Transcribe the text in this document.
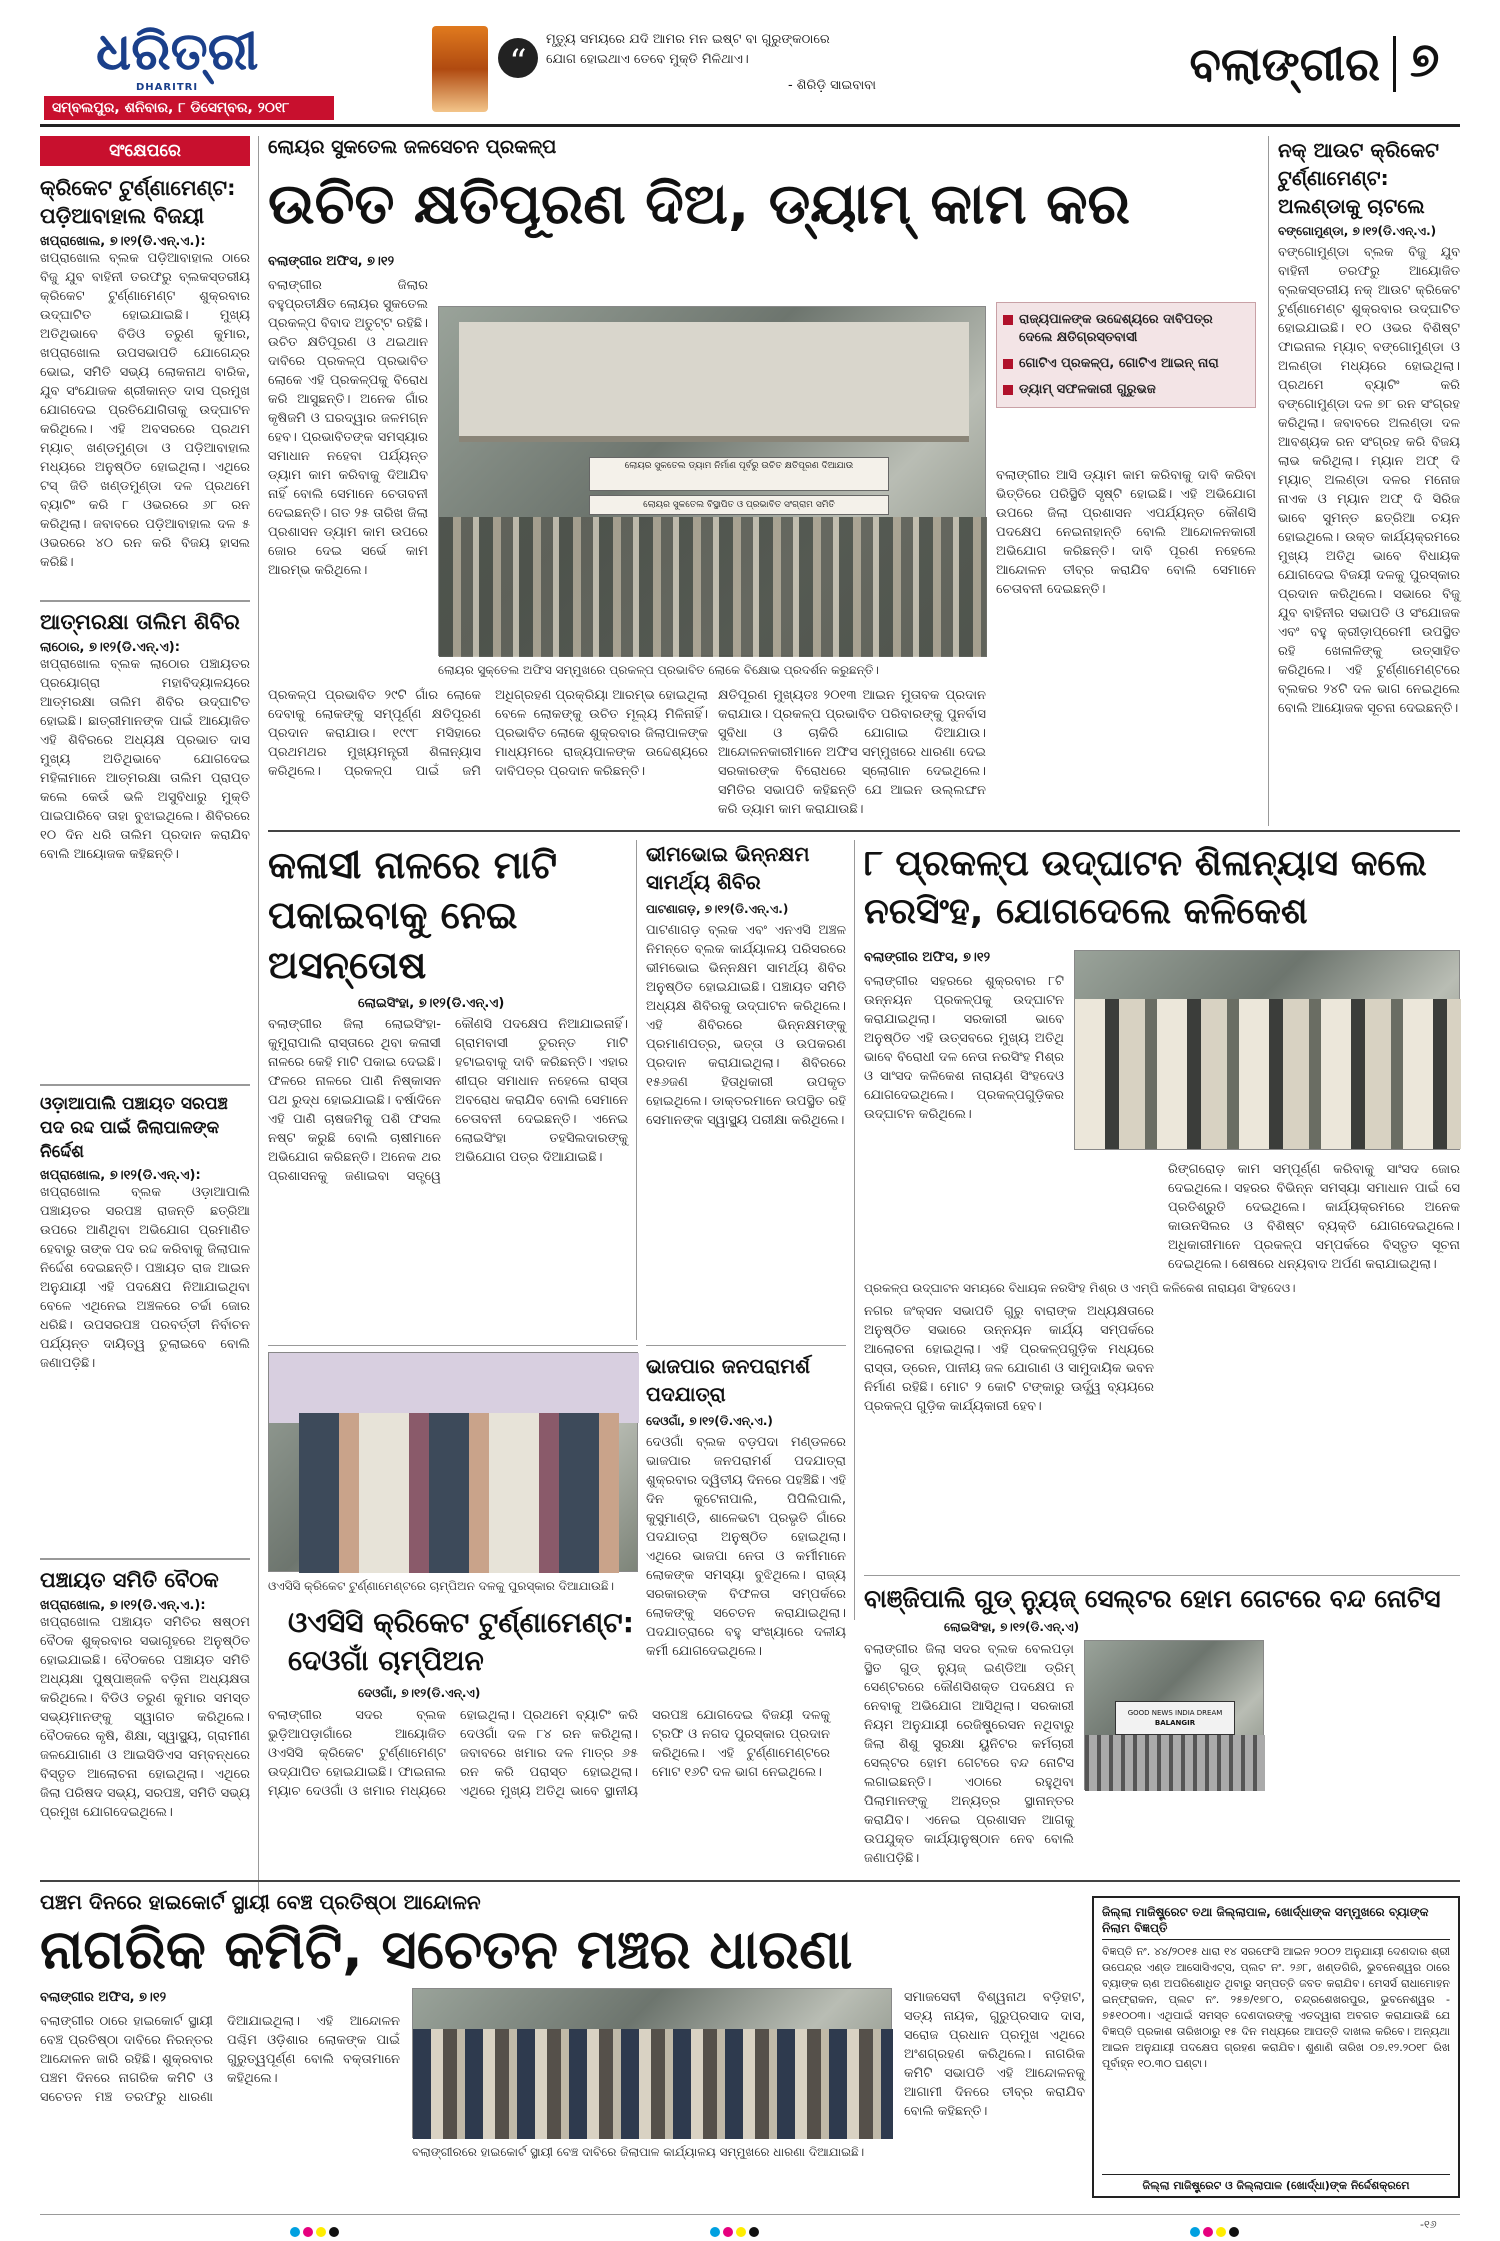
ଧରିତ୍ରୀ
DHARITRI
ସମ୍ବଲପୁର, ଶନିବାର, ୮ ଡିସେମ୍ବର, ୨୦୧୮
“
ମୃତ୍ୟୁ ସମୟରେ ଯଦି ଆମର ମନ ଇଷ୍ଟ ବା ଗୁରୁଙ୍କଠାରେ
ଯୋଗ ହୋଇଥାଏ ତେବେ ମୁକ୍ତି ମିଳିଥାଏ।
- ଶିରିଡ଼ି ସାଇବାବା	ବଲାଙ୍ଗୀର ୭
ସଂକ୍ଷେପରେ
କ୍ରିକେଟ ଟୁର୍ଣ୍ଣାମେଣ୍ଟ: ପଡ଼ିଆବାହାଲ ବିଜୟୀ
ଖପ୍ରାଖୋଲ, ୭।୧୨(ଡି.ଏନ୍.ଏ.):
ଖପ୍ରାଖୋଲ ବ୍ଲକ ପଡ଼ିଆବାହାଲ ଠାରେ ବିଜୁ ଯୁବ ବାହିନୀ ତରଫରୁ ବ୍ଲକସ୍ତରୀୟ କ୍ରିକେଟ ଟୁର୍ଣ୍ଣାମେଣ୍ଟ ଶୁକ୍ରବାର ଉଦ୍‌ଘାଟିତ ହୋଇଯାଇଛି। ମୁଖ୍ୟ ଅତିଥିଭାବେ ବିଡିଓ ତରୁଣ କୁମାର, ଖପ୍ରାଖୋଲ ଉପସଭାପତି ଯୋଗେନ୍ଦ୍ର ଭୋଇ, ସମିତି ସଭ୍ୟ ଲୋକନାଥ ବାରିକ, ଯୁବ ସଂଯୋଜକ ଶ୍ରୀକାନ୍ତ ଦାସ ପ୍ରମୁଖ ଯୋଗଦେଇ ପ୍ରତିଯୋଗିତାକୁ ଉଦ୍‌ଘାଟନ କରିଥିଲେ। ଏହି ଅବସରରେ ପ୍ରଥମ ମ୍ୟାଚ୍ ଖଣ୍ଡମୁଣ୍ଡା ଓ ପଡ଼ିଆବାହାଲ ମଧ୍ୟରେ ଅନୁଷ୍ଠିତ ହୋଇଥିଲା। ଏଥିରେ ଟସ୍ ଜିତି ଖଣ୍ଡମୁଣ୍ଡା ଦଳ ପ୍ରଥମେ ବ୍ୟାଟିଂ କରି ୮ ଓଭରରେ ୬୮ ରନ କରିଥିଲା। ଜବାବରେ ପଡ଼ିଆବାହାଲ ଦଳ ୫ ଓଭରରେ ୪୦ ରନ କରି ବିଜୟ ହାସଲ କରିଛି।
ଆତ୍ମରକ୍ଷା ତାଲିମ ଶିବିର
ଲାଠୋର, ୭।୧୨(ଡି.ଏନ୍.ଏ):
ଖପ୍ରାଖୋଲ ବ୍ଲକ ଲାଠୋର ପଞ୍ଚାୟତର ପ୍ରୟୋଗ୍ରା ମହାବିଦ୍ୟାଳୟରେ ଆତ୍ମରକ୍ଷା ତାଲିମ ଶିବିର ଉଦ୍‌ଘାଟିତ ହୋଇଛି। ଛାତ୍ରୀମାନଙ୍କ ପାଇଁ ଆୟୋଜିତ ଏହି ଶିବିରରେ ଅଧ୍ୟକ୍ଷ ପ୍ରଭାତ ଦାସ ମୁଖ୍ୟ ଅତିଥିଭାବେ ଯୋଗଦେଇ ମହିଳାମାନେ ଆତ୍ମରକ୍ଷା ତାଲିମ ପ୍ରାପ୍ତ କଲେ କେଉଁ ଭଳି ଅସୁବିଧାରୁ ମୁକ୍ତି ପାଇପାରିବେ ତାହା ବୁଝାଇଥିଲେ। ଶିବିରରେ ୧୦ ଦିନ ଧରି ତାଲିମ ପ୍ରଦାନ କରାଯିବ ବୋଲି ଆୟୋଜକ କହିଛନ୍ତି।
ଓଡ଼ାଆପାଲି ପଞ୍ଚାୟତ ସରପଞ୍ଚ ପଦ ରଦ୍ଦ ପାଇଁ ଜିଲାପାଳଙ୍କ ନିର୍ଦ୍ଦେଶ
ଖପ୍ରାଖୋଲ, ୭।୧୨(ଡି.ଏନ୍.ଏ):
ଖପ୍ରାଖୋଲ ବ୍ଲକ ଓଡ଼ାଆପାଲି ପଞ୍ଚାୟତର ସରପଞ୍ଚ ରାଜନ୍ତି ଛତ୍ରିଆ ଉପରେ ଆଣିଥିବା ଅଭିଯୋଗ ପ୍ରମାଣିତ ହେବାରୁ ତାଙ୍କ ପଦ ରଦ୍ଦ କରିବାକୁ ଜିଲାପାଳ ନିର୍ଦ୍ଦେଶ ଦେଇଛନ୍ତି। ପଞ୍ଚାୟତ ରାଜ ଆଇନ ଅନୁଯାୟୀ ଏହି ପଦକ୍ଷେପ ନିଆଯାଇଥିବା ବେଳେ ଏଥିନେଇ ଅଞ୍ଚଳରେ ଚର୍ଚ୍ଚା ଜୋର ଧରିଛି। ଉପସରପଞ୍ଚ ପରବର୍ତ୍ତୀ ନିର୍ବାଚନ ପର୍ଯ୍ୟନ୍ତ ଦାୟିତ୍ୱ ତୁଲାଇବେ ବୋଲି ଜଣାପଡ଼ିଛି।
ପଞ୍ଚାୟତ ସମିତି ବୈଠକ
ଖପ୍ରାଖୋଲ, ୭।୧୨(ଡି.ଏନ୍.ଏ.):
ଖପ୍ରାଖୋଲ ପଞ୍ଚାୟତ ସମିତିର ଷଷ୍ଠମ ବୈଠକ ଶୁକ୍ରବାର ସଭାଗୃହରେ ଅନୁଷ୍ଠିତ ହୋଇଯାଇଛି। ବୈଠକରେ ପଞ୍ଚାୟତ ସମିତି ଅଧ୍ୟକ୍ଷା ପୁଷ୍ପାଞ୍ଜଳି ବଡ଼ିନା ଅଧ୍ୟକ୍ଷତା କରିଥିଲେ। ବିଡିଓ ତରୁଣ କୁମାର ସମସ୍ତ ସଭ୍ୟମାନଙ୍କୁ ସ୍ୱାଗତ କରିଥିଲେ। ବୈଠକରେ କୃଷି, ଶିକ୍ଷା, ସ୍ୱାସ୍ଥ୍ୟ, ଗ୍ରାମୀଣ ଜଳଯୋଗାଣ ଓ ଆଇସିଡିଏସ ସମ୍ବନ୍ଧରେ ବିସ୍ତୃତ ଆଲୋଚନା ହୋଇଥିଲା। ଏଥିରେ ଜିଲା ପରିଷଦ ସଭ୍ୟ, ସରପଞ୍ଚ, ସମିତି ସଭ୍ୟ ପ୍ରମୁଖ ଯୋଗଦେଇଥିଲେ।
ଲୋୟର ସୁକତେଲ ଜଳସେଚନ ପ୍ରକଳ୍ପ
ଉଚିତ କ୍ଷତିପୂରଣ ଦିଅ, ଡ୍ୟାମ୍ କାମ କର
ବଲାଙ୍ଗୀର ଅଫିସ, ୭।୧୨
ବଲାଙ୍ଗୀର ଜିଲାର ବହୁପ୍ରତୀକ୍ଷିତ ଲୋୟର ସୁକତେଲ ପ୍ରକଳ୍ପ ବିବାଦ ଅତୁଟ୍ଟ ରହିଛି। ଉଚିତ କ୍ଷତିପୂରଣ ଓ ଥଇଥାନ ଦାବିରେ ପ୍ରକଳ୍ପ ପ୍ରଭାବିତ ଲୋକେ ଏହି ପ୍ରକଳ୍ପକୁ ବିରୋଧ କରି ଆସୁଛନ୍ତି। ଅନେକ ଗାଁର କୃଷିଜମି ଓ ଘରଦ୍ୱାର ଜଳମଗ୍ନ ହେବ। ପ୍ରଭାବିତଙ୍କ ସମସ୍ୟାର ସମାଧାନ ନହେବା ପର୍ଯ୍ୟନ୍ତ ଡ୍ୟାମ କାମ କରିବାକୁ ଦିଆଯିବ ନାହିଁ ବୋଲି ସେମାନେ ଚେତାବନୀ ଦେଇଛନ୍ତି। ଗତ ୨୫ ତାରିଖ ଜିଲା ପ୍ରଶାସନ ଡ୍ୟାମ କାମ ଉପରେ ଜୋର ଦେଇ ସର୍ଭେ କାମ ଆରମ୍ଭ କରିଥିଲେ।
ଲୋୟର ସୁକତେଲ ଡ୍ୟାମ ନିର୍ମାଣ ପୂର୍ବରୁ ଉଚିତ କ୍ଷତିପୂରଣ ଦିଆଯାଉ
ଲୋୟର ସୁକତେଲ ବିସ୍ଥାପିତ ଓ ପ୍ରଭାବିତ ସଂଗ୍ରାମ ସମିତି
ଲୋୟର ସୁକ୍‌ତେଲ ଅଫିସ ସମ୍ମୁଖରେ ପ୍ରକଳ୍ପ ପ୍ରଭାବିତ ଲୋକେ ବିକ୍ଷୋଭ ପ୍ରଦର୍ଶନ କରୁଛନ୍ତି।
ରାଜ୍ୟପାଳଙ୍କ ଉଦ୍ଦେଶ୍ୟରେ ଦାବିପତ୍ର ଦେଲେ କ୍ଷତିଗ୍ରସ୍ତବାସୀ
ଗୋଟିଏ ପ୍ରକଳ୍ପ, ଗୋଟିଏ ଆଇନ୍ ନାରା
ଡ୍ୟାମ୍ ସଫଳକାରୀ ଗୁରୁଭଜ
ବଲାଙ୍ଗୀର ଆସି ଡ୍ୟାମ କାମ କରିବାକୁ ଦାବି କରିବା ଭିତ୍ତିରେ ପରିସ୍ଥିତି ସୃଷ୍ଟି ହୋଇଛି। ଏହି ଅଭିଯୋଗ ଉପରେ ଜିଲା ପ୍ରଶାସନ ଏପର୍ଯ୍ୟନ୍ତ କୌଣସି ପଦକ୍ଷେପ ନେଇନାହାନ୍ତି ବୋଲି ଆନ୍ଦୋଳନକାରୀ ଅଭିଯୋଗ କରିଛନ୍ତି। ଦାବି ପୂରଣ ନହେଲେ ଆନ୍ଦୋଳନ ତୀବ୍ର କରାଯିବ ବୋଲି ସେମାନେ ଚେତାବନୀ ଦେଇଛନ୍ତି।
ପ୍ରକଳ୍ପ ପ୍ରଭାବିତ ୨୯ଟି ଗାଁର ଲୋକେ ଦେବାକୁ ଲୋକଙ୍କୁ ସମ୍ପୂର୍ଣ୍ଣ କ୍ଷତିପୂରଣ ପ୍ରଦାନ କରାଯାଉ। ୧୯୯୮ ମସିହାରେ ପ୍ରଥମଥର ମୁଖ୍ୟମନ୍ତ୍ରୀ ଶିଳାନ୍ୟାସ କରିଥିଲେ। ପ୍ରକଳ୍ପ ପାଇଁ ଜମି ଅଧିଗ୍ରହଣ ପ୍ରକ୍ରିୟା ଆରମ୍ଭ ହୋଇଥିଲା ବେଳେ ଲୋକଙ୍କୁ ଉଚିତ ମୂଲ୍ୟ ମିଳିନାହିଁ। ପ୍ରଭାବିତ ଲୋକେ ଶୁକ୍ରବାର ଜିଲାପାଳଙ୍କ ମାଧ୍ୟମରେ ରାଜ୍ୟପାଳଙ୍କ ଉଦ୍ଦେଶ୍ୟରେ ଦାବିପତ୍ର ପ୍ରଦାନ କରିଛନ୍ତି।
କ୍ଷତିପୂରଣ ମୁଖ୍ୟତଃ ୨୦୧୩ ଆଇନ ମୁତାବକ ପ୍ରଦାନ କରାଯାଉ। ପ୍ରକଳ୍ପ ପ୍ରଭାବିତ ପରିବାରଙ୍କୁ ପୁନର୍ବାସ ସୁବିଧା ଓ ଚାକିରି ଯୋଗାଇ ଦିଆଯାଉ। ଆନ୍ଦୋଳନକାରୀମାନେ ଅଫିସ ସମ୍ମୁଖରେ ଧାରଣା ଦେଇ ସରକାରଙ୍କ ବିରୋଧରେ ସ୍ଲୋଗାନ ଦେଇଥିଲେ। ସମିତିର ସଭାପତି କହିଛନ୍ତି ଯେ ଆଇନ ଉଲ୍ଲଙ୍ଘନ କରି ଡ୍ୟାମ କାମ କରାଯାଉଛି।
ନକ୍ ଆଉଟ କ୍ରିକେଟ ଟୁର୍ଣ୍ଣାମେଣ୍ଟ: ଅଲଣ୍ଡାକୁ ଚାଟଲେ
ବଙ୍ଗୋମୁଣ୍ଡା, ୭।୧୨(ଡି.ଏନ୍.ଏ.)
ବଙ୍ଗୋମୁଣ୍ଡା ବ୍ଲକ ବିଜୁ ଯୁବ ବାହିନୀ ତରଫରୁ ଆୟୋଜିତ ବ୍ଲକସ୍ତରୀୟ ନକ୍ ଆଉଟ କ୍ରିକେଟ ଟୁର୍ଣ୍ଣାମେଣ୍ଟ ଶୁକ୍ରବାର ଉଦ୍‌ଘାଟିତ ହୋଇଯାଇଛି। ୧୦ ଓଭର ବିଶିଷ୍ଟ ଫାଇନାଲ ମ୍ୟାଚ୍ ବଙ୍ଗୋମୁଣ୍ଡା ଓ ଅଲଣ୍ଡା ମଧ୍ୟରେ ହୋଇଥିଲା। ପ୍ରଥମେ ବ୍ୟାଟିଂ କରି ବଙ୍ଗୋମୁଣ୍ଡା ଦଳ ୭୮ ରନ ସଂଗ୍ରହ କରିଥିଲା। ଜବାବରେ ଅଲଣ୍ଡା ଦଳ ଆବଶ୍ୟକ ରନ ସଂଗ୍ରହ କରି ବିଜୟ ଲାଭ କରିଥିଲା। ମ୍ୟାନ ଅଫ୍ ଦି ମ୍ୟାଚ୍ ଅଲଣ୍ଡା ଦଳର ମନୋଜ ନାଏକ ଓ ମ୍ୟାନ ଅଫ୍ ଦି ସିରିଜ ଭାବେ ସୁମନ୍ତ ଛତ୍ରିଆ ଚୟନ ହୋଇଥିଲେ। ଉକ୍ତ କାର୍ଯ୍ୟକ୍ରମରେ ମୁଖ୍ୟ ଅତିଥି ଭାବେ ବିଧାୟକ ଯୋଗଦେଇ ବିଜୟୀ ଦଳକୁ ପୁରସ୍କାର ପ୍ରଦାନ କରିଥିଲେ। ସଭାରେ ବିଜୁ ଯୁବ ବାହିନୀର ସଭାପତି ଓ ସଂଯୋଜକ ଏବଂ ବହୁ କ୍ରୀଡ଼ାପ୍ରେମୀ ଉପସ୍ଥିତ ରହି ଖେଳାଳିଙ୍କୁ ଉତ୍ସାହିତ କରିଥିଲେ। ଏହି ଟୁର୍ଣ୍ଣାମେଣ୍ଟରେ ବ୍ଲକର ୨୪ଟି ଦଳ ଭାଗ ନେଇଥିଲେ ବୋଲି ଆୟୋଜକ ସୂଚନା ଦେଇଛନ୍ତି।
କଳାସୀ ନାଳରେ ମାଟି ପକାଇବାକୁ ନେଇ ଅସନ୍ତୋଷ
ଲୋଇସିଂହା, ୭।୧୨(ଡି.ଏନ୍.ଏ)
ବଲାଙ୍ଗୀର ଜିଲା ଲୋଇସିଂହା-କୁମୁରାପାଲି ରାସ୍ତାରେ ଥିବା କଳାସୀ ନାଳରେ କେହି ମାଟି ପକାଇ ଦେଇଛି। ଫଳରେ ନାଳରେ ପାଣି ନିଷ୍କାସନ ପଥ ରୁଦ୍ଧ ହୋଇଯାଇଛି। ବର୍ଷାଦିନେ ଏହି ପାଣି ଚାଷଜମିକୁ ପଶି ଫସଲ ନଷ୍ଟ କରୁଛି ବୋଲି ଚାଷୀମାନେ ଅଭିଯୋଗ କରିଛନ୍ତି। ଅନେକ ଥର ପ୍ରଶାସନକୁ ଜଣାଇବା ସତ୍ତ୍ୱେ କୌଣସି ପଦକ୍ଷେପ ନିଆଯାଇନାହିଁ। ଗ୍ରାମବାସୀ ତୁରନ୍ତ ମାଟି ହଟାଇବାକୁ ଦାବି କରିଛନ୍ତି। ଏହାର ଶୀଘ୍ର ସମାଧାନ ନହେଲେ ରାସ୍ତା ଅବରୋଧ କରାଯିବ ବୋଲି ସେମାନେ ଚେତାବନୀ ଦେଇଛନ୍ତି। ଏନେଇ ଲୋଇସିଂହା ତହସିଲଦାରଙ୍କୁ ଅଭିଯୋଗ ପତ୍ର ଦିଆଯାଇଛି।
ଭୀମଭୋଇ ଭିନ୍ନକ୍ଷମ ସାମର୍ଥ୍ୟ ଶିବିର
ପାଟଣାଗଡ଼, ୭।୧୨(ଡି.ଏନ୍.ଏ.)
ପାଟଣାଗଡ଼ ବ୍ଲକ ଏବଂ ଏନଏସି ଅଞ୍ଚଳ ନିମନ୍ତେ ବ୍ଲକ କାର୍ଯ୍ୟାଳୟ ପରିସରରେ ଭୀମଭୋଇ ଭିନ୍ନକ୍ଷମ ସାମର୍ଥ୍ୟ ଶିବିର ଅନୁଷ୍ଠିତ ହୋଇଯାଇଛି। ପଞ୍ଚାୟତ ସମିତି ଅଧ୍ୟକ୍ଷ ଶିବିରକୁ ଉଦ୍‌ଘାଟନ କରିଥିଲେ। ଏହି ଶିବିରରେ ଭିନ୍ନକ୍ଷମଙ୍କୁ ପ୍ରମାଣପତ୍ର, ଭତ୍ତା ଓ ଉପକରଣ ପ୍ରଦାନ କରାଯାଇଥିଲା। ଶିବିରରେ ୧୫୬ଜଣ ହିତାଧିକାରୀ ଉପକୃତ ହୋଇଥିଲେ। ଡାକ୍ତରମାନେ ଉପସ୍ଥିତ ରହି ସେମାନଙ୍କ ସ୍ୱାସ୍ଥ୍ୟ ପରୀକ୍ଷା କରିଥିଲେ।
ଭାଜପାର ଜନପରାମର୍ଶ ପଦଯାତ୍ରା
ଦେଓଗାଁ, ୭।୧୨(ଡି.ଏନ୍.ଏ.)
ଦେଓଗାଁ ବ୍ଲକ ବଡ଼ପଦା ମଣ୍ଡଳରେ ଭାଜପାର ଜନପରାମର୍ଶ ପଦଯାତ୍ରା ଶୁକ୍ରବାର ଦ୍ୱିତୀୟ ଦିନରେ ପହଞ୍ଚିଛି। ଏହି ଦିନ କୁଟେନାପାଲି, ପିପିଲିପାଲି, କୁସୁମାଣ୍ଡି, ଶାଳେଭଟା ପ୍ରଭୃତି ଗାଁରେ ପଦଯାତ୍ରା ଅନୁଷ୍ଠିତ ହୋଇଥିଲା। ଏଥିରେ ଭାଜପା ନେତା ଓ କର୍ମୀମାନେ ଲୋକଙ୍କ ସମସ୍ୟା ବୁଝିଥିଲେ। ରାଜ୍ୟ ସରକାରଙ୍କ ବିଫଳତା ସମ୍ପର୍କରେ ଲୋକଙ୍କୁ ସଚେତନ କରାଯାଇଥିଲା। ପଦଯାତ୍ରାରେ ବହୁ ସଂଖ୍ୟାରେ ଦଳୀୟ କର୍ମୀ ଯୋଗଦେଇଥିଲେ।
୮ ପ୍ରକଳ୍ପ ଉଦ୍‌ଘାଟନ ଶିଳାନ୍ୟାସ କଲେ ନରସିଂହ, ଯୋଗଦେଲେ କଳିକେଶ
ବଲାଙ୍ଗୀର ଅଫିସ, ୭।୧୨
ବଲାଙ୍ଗୀର ସହରରେ ଶୁକ୍ରବାର ୮ଟି ଉନ୍ନୟନ ପ୍ରକଳ୍ପକୁ ଉଦ୍‌ଘାଟନ କରାଯାଇଥିଲା। ସରକାରୀ ଭାବେ ଅନୁଷ୍ଠିତ ଏହି ଉତ୍ସବରେ ମୁଖ୍ୟ ଅତିଥି ଭାବେ ବିରୋଧୀ ଦଳ ନେତା ନରସିଂହ ମିଶ୍ର ଓ ସାଂସଦ କଳିକେଶ ନାରାୟଣ ସିଂହଦେଓ ଯୋଗଦେଇଥିଲେ। ପ୍ରକଳ୍ପଗୁଡ଼ିକର ଉଦ୍‌ଘାଟନ କରିଥିଲେ।
ପ୍ରକଳ୍ପ ଉଦ୍‌ଘାଟନ ସମୟରେ ବିଧାୟକ ନରସିଂହ ମିଶ୍ର ଓ ଏମ୍‌ପି କଳିକେଶ ନାରାୟଣ ସିଂହଦେଓ।
ନଗର ଜଂକ୍ସନ ସଭାପତି ଗୁରୁ ବାରାଙ୍କ ଅଧ୍ୟକ୍ଷତାରେ ଅନୁଷ୍ଠିତ ସଭାରେ ଉନ୍ନୟନ କାର୍ଯ୍ୟ ସମ୍ପର୍କରେ ଆଲୋଚନା ହୋଇଥିଲା। ଏହି ପ୍ରକଳ୍ପଗୁଡ଼ିକ ମଧ୍ୟରେ ରାସ୍ତା, ଡ୍ରେନ, ପାନୀୟ ଜଳ ଯୋଗାଣ ଓ ସାମୁଦାୟିକ ଭବନ ନିର୍ମାଣ ରହିଛି। ମୋଟ ୨ କୋଟି ଟଙ୍କାରୁ ଊର୍ଦ୍ଧ୍ୱ ବ୍ୟୟରେ ପ୍ରକଳ୍ପ ଗୁଡ଼ିକ କାର୍ଯ୍ୟକାରୀ ହେବ।
ରିଙ୍ଗରୋଡ଼ କାମ ସମ୍ପୂର୍ଣ୍ଣ କରିବାକୁ ସାଂସଦ ଜୋର ଦେଇଥିଲେ। ସହରର ବିଭିନ୍ନ ସମସ୍ୟା ସମାଧାନ ପାଇଁ ସେ ପ୍ରତିଶ୍ରୁତି ଦେଇଥିଲେ। କାର୍ଯ୍ୟକ୍ରମରେ ଅନେକ କାଉନସିଲର ଓ ବିଶିଷ୍ଟ ବ୍ୟକ୍ତି ଯୋଗଦେଇଥିଲେ। ଅଧିକାରୀମାନେ ପ୍ରକଳ୍ପ ସମ୍ପର୍କରେ ବିସ୍ତୃତ ସୂଚନା ଦେଇଥିଲେ। ଶେଷରେ ଧନ୍ୟବାଦ ଅର୍ପଣ କରାଯାଇଥିଲା।
ଓଏସିସି କ୍ରିକେଟ ଟୁର୍ଣ୍ଣାମେଣ୍ଟରେ ଚାମ୍ପିଅନ ଦଳକୁ ପୁରସ୍କାର ଦିଆଯାଉଛି।
ଓଏସିସି କ୍ରିକେଟ ଟୁର୍ଣ୍ଣାମେଣ୍ଟ: ଦେଓଗାଁ ଚାମ୍ପିଅନ
ଦେଓଗାଁ, ୭।୧୨(ଡି.ଏନ୍.ଏ)
ବଲାଙ୍ଗୀର ସଦର ବ୍ଲକ ଭୁଡ଼ିଆପଡ଼ାଗାଁରେ ଆୟୋଜିତ ଓଏସିସି କ୍ରିକେଟ ଟୁର୍ଣ୍ଣାମେଣ୍ଟ ଉଦ୍‌ଯାପିତ ହୋଇଯାଇଛି। ଫାଇନାଲ ମ୍ୟାଚ ଦେଓଗାଁ ଓ ଖମାର ମଧ୍ୟରେ ହୋଇଥିଲା। ପ୍ରଥମେ ବ୍ୟାଟିଂ କରି ଦେଓଗାଁ ଦଳ ୮୪ ରନ କରିଥିଲା। ଜବାବରେ ଖମାର ଦଳ ମାତ୍ର ୬୫ ରନ କରି ପରାସ୍ତ ହୋଇଥିଲା। ଏଥିରେ ମୁଖ୍ୟ ଅତିଥି ଭାବେ ସ୍ଥାନୀୟ ସରପଞ୍ଚ ଯୋଗଦେଇ ବିଜୟୀ ଦଳକୁ ଟ୍ରଫି ଓ ନଗଦ ପୁରସ୍କାର ପ୍ରଦାନ କରିଥିଲେ। ଏହି ଟୁର୍ଣ୍ଣାମେଣ୍ଟରେ ମୋଟ ୧୬ଟି ଦଳ ଭାଗ ନେଇଥିଲେ।
ବାଞ୍ଜିପାଲି ଗୁଡ୍ ନ୍ୟୁଜ୍ ସେଲ୍ଟର ହୋମ ଗେଟରେ ବନ୍ଦ ନୋଟିସ
ଲୋଇସିଂହା, ୭।୧୨(ଡି.ଏନ୍.ଏ)
ବଲାଙ୍ଗୀର ଜିଲା ସଦର ବ୍ଲକ ବେଲପଡ଼ା ସ୍ଥିତ ଗୁଡ୍ ନ୍ୟୁଜ୍ ଇଣ୍ଡିଆ ଡ୍ରିମ୍ ସେଣ୍ଟରରେ କୌଣସିଶକ୍ତ ପଦକ୍ଷେପ ନ ନେବାକୁ ଅଭିଯୋଗ ଆସିଥିଲା। ସରକାରୀ ନିୟମ ଅନୁଯାୟୀ ରେଜିଷ୍ଟ୍ରେସନ ନଥିବାରୁ ଜିଲା ଶିଶୁ ସୁରକ୍ଷା ୟୁନିଟର କର୍ମଚାରୀ ସେଲ୍ଟର ହୋମ ଗେଟରେ ବନ୍ଦ ନୋଟିସ ଲଗାଇଛନ୍ତି। ଏଠାରେ ରହୁଥିବା ପିଲାମାନଙ୍କୁ ଅନ୍ୟତ୍ର ସ୍ଥାନାନ୍ତର କରାଯିବ। ଏନେଇ ପ୍ରଶାସନ ଆଗକୁ ଉପଯୁକ୍ତ କାର୍ଯ୍ୟାନୁଷ୍ଠାନ ନେବ ବୋଲି ଜଣାପଡ଼ିଛି।
GOOD NEWS INDIA DREAM
BALANGIR
ପଞ୍ଚମ ଦିନରେ ହାଇକୋର୍ଟ ସ୍ଥାୟୀ ବେଞ୍ଚ ପ୍ରତିଷ୍ଠା ଆନ୍ଦୋଳନ
ନାଗରିକ କମିଟି, ସଚେତନ ମଞ୍ଚର ଧାରଣା
ବଲାଙ୍ଗୀର ଅଫିସ, ୭।୧୨
ବଲାଙ୍ଗୀର ଠାରେ ହାଇକୋର୍ଟ ସ୍ଥାୟୀ ବେଞ୍ଚ ପ୍ରତିଷ୍ଠା ଦାବିରେ ନିରନ୍ତର ଆନ୍ଦୋଳନ ଜାରି ରହିଛି। ଶୁକ୍ରବାର ପଞ୍ଚମ ଦିନରେ ନାଗରିକ କମିଟି ଓ ସଚେତନ ମଞ୍ଚ ତରଫରୁ ଧାରଣା ଦିଆଯାଇଥିଲା। ଏହି ଆନ୍ଦୋଳନ ପଶ୍ଚିମ ଓଡ଼ିଶାର ଲୋକଙ୍କ ପାଇଁ ଗୁରୁତ୍ୱପୂର୍ଣ୍ଣ ବୋଲି ବକ୍ତାମାନେ କହିଥିଲେ।
ବଲାଙ୍ଗୀରରେ ହାଇକୋର୍ଟ ସ୍ଥାୟୀ ବେଞ୍ଚ ଦାବିରେ ଜିଲାପାଳ କାର୍ଯ୍ୟାଳୟ ସମ୍ମୁଖରେ ଧାରଣା ଦିଆଯାଇଛି।
ସମାଜସେବୀ ବିଶ୍ୱନାଥ ବଡ଼ିହାଟ, ସତ୍ୟ ନାୟକ, ଗୁରୁପ୍ରସାଦ ଦାସ, ସରୋଜ ପ୍ରଧାନ ପ୍ରମୁଖ ଏଥିରେ ଅଂଶଗ୍ରହଣ କରିଥିଲେ। ନାଗରିକ କମିଟି ସଭାପତି ଏହି ଆନ୍ଦୋଳନକୁ ଆଗାମୀ ଦିନରେ ତୀବ୍ର କରାଯିବ ବୋଲି କହିଛନ୍ତି।
ଜିଲ୍ଲା ମାଜିଷ୍ଟ୍ରେଟ ତଥା ଜିଲ୍ଲାପାଳ, ଖୋର୍ଦ୍ଧାଙ୍କ ସମ୍ମୁଖରେ ବ୍ୟାଙ୍କ ନିଲାମ ବିଜ୍ଞପ୍ତି
ବିଜ୍ଞପ୍ତି ନଂ. ୪୪/୨୦୧୫ ଧାରା ୧୪ ସରଫେସି ଆଇନ ୨୦୦୨ ଅନୁଯାୟୀ ଦେଣଦାର ଶ୍ରୀ ଉପେନ୍ଦ୍ର ଏଣ୍ଡ ଆସୋସିଏଟ୍ସ, ପ୍ଲଟ ନଂ. ୨୬୮, ଖଣ୍ଡଗିରି, ଭୁବନେଶ୍ୱର ଠାରେ ବ୍ୟାଙ୍କ ଋଣ ଅପରିଶୋଧିତ ଥିବାରୁ ସମ୍ପତ୍ତି ଜବତ କରାଯିବ। ମେସର୍ସ ରାଧାମୋହନ ଇନ୍‌ଫ୍ରାକନ, ପ୍ଲଟ ନଂ. ୨୫୭/୧୭୮୦, ଚନ୍ଦ୍ରଶେଖରପୁର, ଭୁବନେଶ୍ୱର - ୭୫୧୦୦୩। ଏଥିପାଇଁ ସମସ୍ତ ଦେଣଦାରଙ୍କୁ ଏତଦ୍ୱାରା ଅବଗତ କରାଯାଉଛି ଯେ ବିଜ୍ଞପ୍ତି ପ୍ରକାଶ ତାରିଖଠାରୁ ୧୫ ଦିନ ମଧ୍ୟରେ ଆପତ୍ତି ଦାଖଲ କରିବେ। ଅନ୍ୟଥା ଆଇନ ଅନୁଯାୟୀ ପଦକ୍ଷେପ ଗ୍ରହଣ କରାଯିବ। ଶୁଣାଣି ତାରିଖ ୦୭.୧୨.୨୦୧୮ ରିଖ ପୂର୍ବାହ୍ନ ୧୦.୩୦ ଘଣ୍ଟା।
ଜିଲ୍ଲା ମାଜିଷ୍ଟ୍ରେଟ ଓ ଜିଲ୍ଲାପାଳ (ଖୋର୍ଦ୍ଧା)ଙ୍କ ନିର୍ଦ୍ଦେଶକ୍ରମେ
-୧୬
